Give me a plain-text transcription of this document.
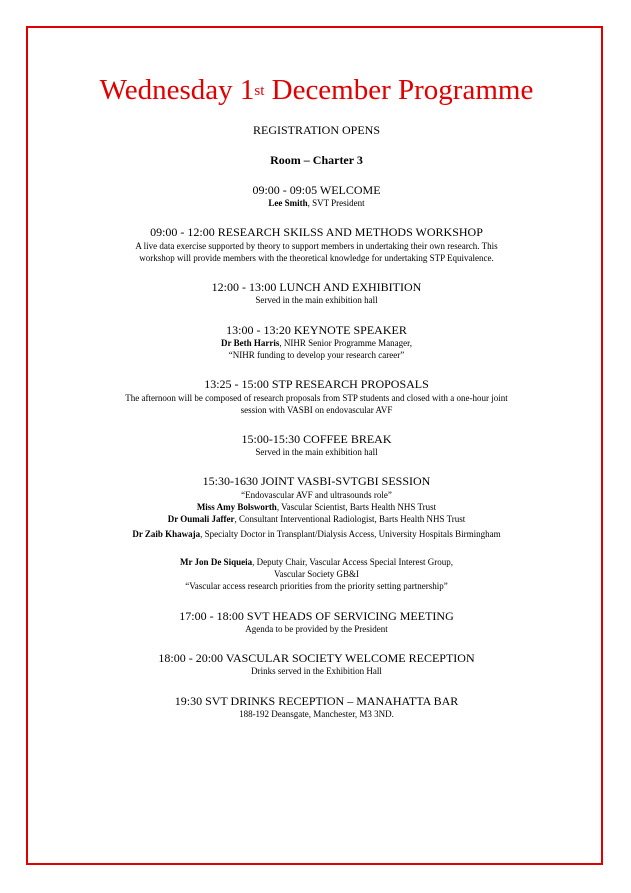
Wednesday 1st December Programme
REGISTRATION OPENS
Room – Charter 3
09:00 - 09:05 WELCOME
Lee Smith, SVT President
09:00 - 12:00 RESEARCH SKILSS AND METHODS WORKSHOP
A live data exercise supported by theory to support members in undertaking their own research. This
workshop will provide members with the theoretical knowledge for undertaking STP Equivalence.
12:00 - 13:00 LUNCH AND EXHIBITION
Served in the main exhibition hall
13:00 - 13:20 KEYNOTE SPEAKER
Dr Beth Harris, NIHR Senior Programme Manager,
“NIHR funding to develop your research career”
13:25 - 15:00 STP RESEARCH PROPOSALS
The afternoon will be composed of research proposals from STP students and closed with a one-hour joint
session with VASBI on endovascular AVF
15:00-15:30 COFFEE BREAK
Served in the main exhibition hall
15:30-1630 JOINT VASBI-SVTGBI SESSION
“Endovascular AVF and ultrasounds role”
Miss Amy Bolsworth, Vascular Scientist, Barts Health NHS Trust
Dr Oumali Jaffer, Consultant Interventional Radiologist, Barts Health NHS Trust
Dr Zaib Khawaja, Specialty Doctor in Transplant/Dialysis Access, University Hospitals Birmingham
Mr Jon De Siqueia, Deputy Chair, Vascular Access Special Interest Group,
Vascular Society GB&I
“Vascular access research priorities from the priority setting partnership”
17:00 - 18:00 SVT HEADS OF SERVICING MEETING
Agenda to be provided by the President
18:00 - 20:00 VASCULAR SOCIETY WELCOME RECEPTION
Drinks served in the Exhibition Hall
19:30 SVT DRINKS RECEPTION – MANAHATTA BAR
188-192 Deansgate, Manchester, M3 3ND.
